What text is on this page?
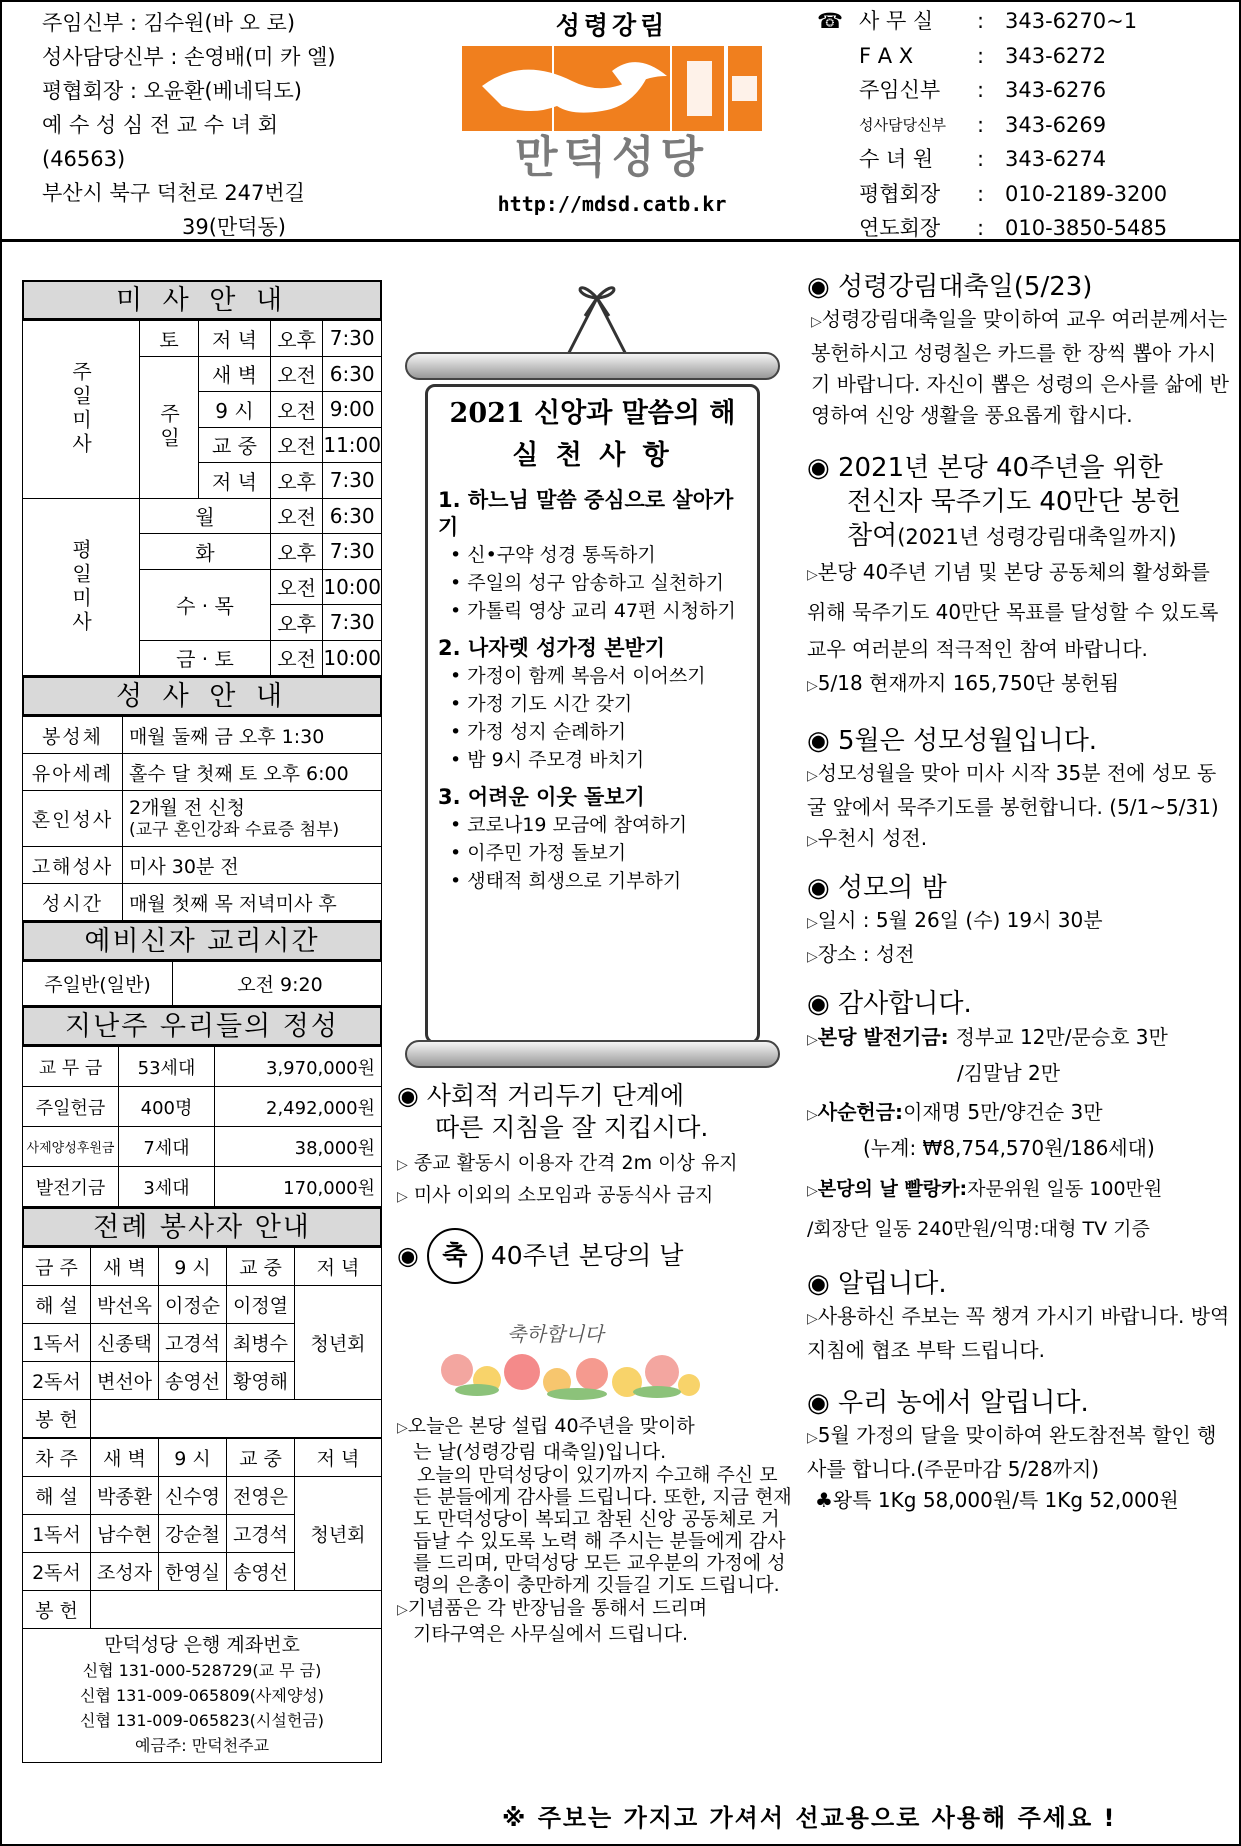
주임신부 : 김수원(바 오 로)
성사담당신부 : 손영배(미 카 엘)
평협회장 : 오윤환(베네딕도)
예 수 성 심 전 교 수 녀 회
(46563)
부산시 북구 덕천로 247번길
39(만덕동)
성령강림
만덕성당
http://mdsd.catb.kr
☎ 사 무 실	: 343-6270~1
F A X	: 343-6272
주임신부	: 343-6276
성사담당신부	: 343-6269
수 녀 원	: 343-6274
평협회장	: 010-2189-3200
연도회장	: 010-3850-5485
미 사 안 내
주일미사	토	저 녁	오후	7:30
	주일	새 벽	오전	6:30
		9 시	오전	9:00
		교 중	오전	11:00
		저 녁	오후	7:30
평일미사	월		오전	6:30
	화		오후	7:30
	수 · 목		오전	10:00
			오후	7:30
	금 · 토		오전	10:00
성 사 안 내
봉성체	매월 둘째 금 오후 1:30
유아세례	홀수 달 첫째 토 오후 6:00
혼인성사	2개월 전 신청
(교구 혼인강좌 수료증 첨부)

고해성사	미사 30분 전
성시간	매월 첫째 목 저녁미사 후
예비신자 교리시간
주일반(일반)	오전 9:20
지난주 우리들의 정성
교 무 금	53세대	3,970,000원
주일헌금	400명	2,492,000원
사제양성후원금	7세대	38,000원
발전기금	3세대	170,000원
전례 봉사자 안내
금 주	새 벽	9 시	교 중	저 녁
해 설	박선옥	이정순	이정열	청년회
1독서	신종택	고경석	최병수	
2독서	변선아	송영선	황영해	
봉 헌				
차 주	새 벽	9 시	교 중	저 녁
해 설	박종환	신수영	전영은	청년회
1독서	남수현	강순철	고경석	
2독서	조성자	한영실	송영선	
봉 헌				
만덕성당 은행 계좌번호
신협 131-000-528729(교 무 금)
신협 131-009-065809(사제양성)
신협 131-009-065823(시설헌금)
예금주: 만덕천주교
2021 신앙과 말씀의 해
실 천 사 항
1. 하느님 말씀 중심으로 살아가기
• 신•구약 성경 통독하기
• 주일의 성구 암송하고 실천하기
• 가톨릭 영상 교리 47편 시청하기
2. 나자렛 성가정 본받기
• 가정이 함께 복음서 이어쓰기
• 가정 기도 시간 갖기
• 가정 성지 순례하기
• 밤 9시 주모경 바치기
3. 어려운 이웃 돌보기
• 코로나19 모금에 참여하기
• 이주민 가정 돌보기
• 생태적 희생으로 기부하기
◉ 사회적 거리두기 단계에
따른 지침을 잘 지킵시다.
▷ 종교 활동시 이용자 간격 2m 이상 유지
▷ 미사 이외의 소모임과 공동식사 금지
◉ 축 40주년 본당의 날
축하합니다
▷오늘은 본당 설립 40주년을 맞이하
는 날(성령강림 대축일)입니다.
오늘의 만덕성당이 있기까지 수고해 주신 모든 분들에게 감사를 드립니다. 또한, 지금 현재도 만덕성당이 복되고 참된 신앙 공동체로 거듭날 수 있도록 노력 해 주시는 분들에게 감사를 드리며, 만덕성당 모든 교우분의 가정에 성령의 은총이 충만하게 깃들길 기도 드립니다.
▷기념품은 각 반장님을 통해서 드리며
기타구역은 사무실에서 드립니다.
◉ 성령강림대축일(5/23)
▷성령강림대축일을 맞이하여 교우 여러분께서는 봉헌하시고 성령칠은 카드를 한 장씩 뽑아 가시기 바랍니다. 자신이 뽑은 성령의 은사를 삶에 반영하여 신앙 생활을 풍요롭게 합시다.
◉ 2021년 본당 40주년을 위한
전신자 묵주기도 40만단 봉헌
참여(2021년 성령강림대축일까지)
▷본당 40주년 기념 및 본당 공동체의 활성화를 위해 묵주기도 40만단 목표를 달성할 수 있도록 교우 여러분의 적극적인 참여 바랍니다.
▷5/18 현재까지 165,750단 봉헌됨
◉ 5월은 성모성월입니다.
▷성모성월을 맞아 미사 시작 35분 전에 성모 동굴 앞에서 묵주기도를 봉헌합니다. (5/1~5/31)
▷우천시 성전.
◉ 성모의 밤
▷일시 : 5월 26일 (수) 19시 30분
▷장소 : 성전
◉ 감사합니다.
▷본당 발전기금: 정부교 12만/문승호 3만
/김말남 2만
▷사순헌금:이재명 5만/양건순 3만
(누계: ₩8,754,570원/186세대)
▷본당의 날 빨랑카:자문위원 일동 100만원
/회장단 일동 240만원/익명:대형 TV 기증
◉ 알립니다.
▷사용하신 주보는 꼭 챙겨 가시기 바랍니다. 방역 지침에 협조 부탁 드립니다.
◉ 우리 농에서 알립니다.
▷5월 가정의 달을 맞이하여 완도참전복 할인 행사를 합니다.(주문마감 5/28까지)
♣왕특 1Kg 58,000원/특 1Kg 52,000원
※ 주보는 가지고 가셔서 선교용으로 사용해 주세요 !
